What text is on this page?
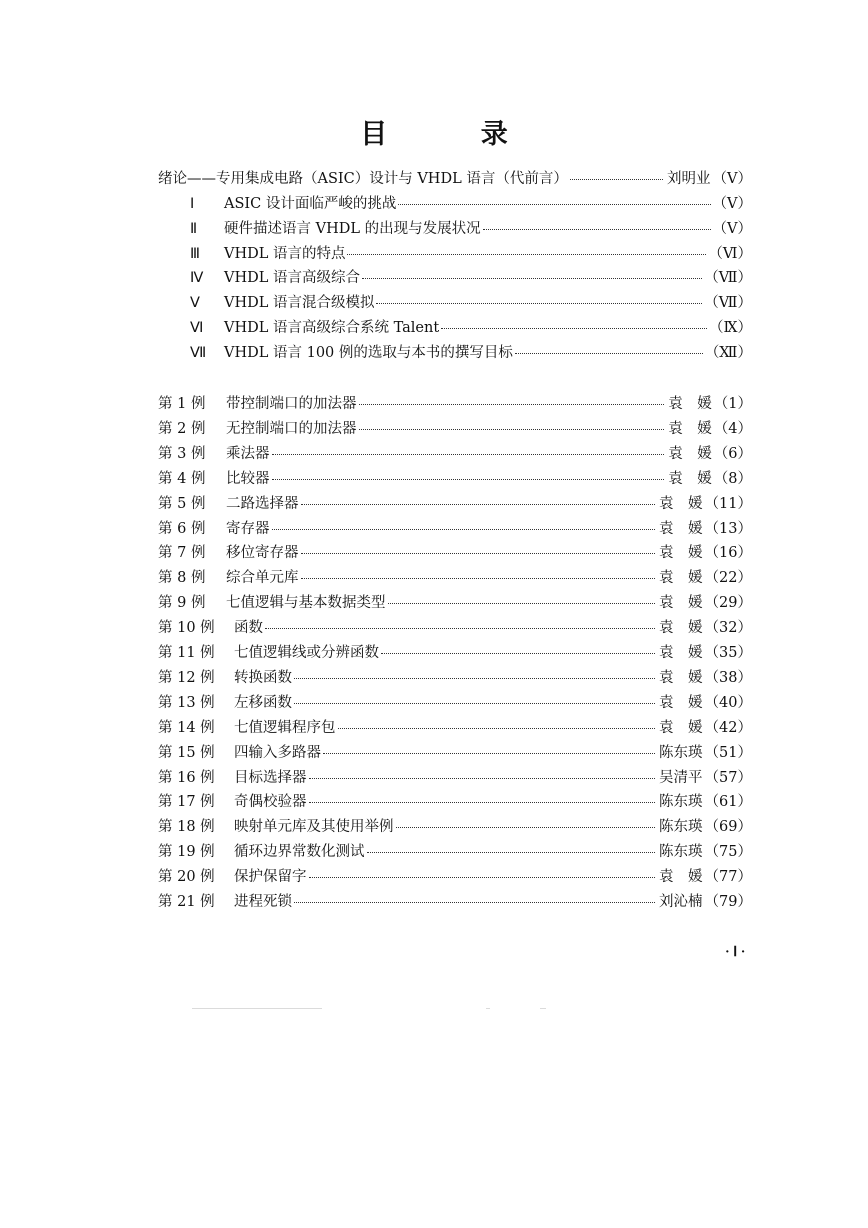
目 录
绪论——专用集成电路（ASIC）设计与 VHDL 语言（代前言）	刘明业 （Ⅴ）
Ⅰ	ASIC 设计面临严峻的挑战	（Ⅴ）
Ⅱ	硬件描述语言 VHDL 的出现与发展状况	（Ⅴ）
Ⅲ	VHDL 语言的特点	（Ⅵ）
Ⅳ	VHDL 语言高级综合	（Ⅶ）
Ⅴ	VHDL 语言混合级模拟	（Ⅶ）
Ⅵ	VHDL 语言高级综合系统 Talent	（Ⅸ）
Ⅶ	VHDL 语言 100 例的选取与本书的撰写目标	（Ⅻ）
第 1 例	带控制端口的加法器	袁　媛 （1）
第 2 例	无控制端口的加法器	袁　媛 （4）
第 3 例	乘法器	袁　媛 （6）
第 4 例	比较器	袁　媛 （8）
第 5 例	二路选择器	袁　媛 （11）
第 6 例	寄存器	袁　媛 （13）
第 7 例	移位寄存器	袁　媛 （16）
第 8 例	综合单元库	袁　媛 （22）
第 9 例	七值逻辑与基本数据类型	袁　媛 （29）
第 10 例	函数	袁　媛 （32）
第 11 例	七值逻辑线或分辨函数	袁　媛 （35）
第 12 例	转换函数	袁　媛 （38）
第 13 例	左移函数	袁　媛 （40）
第 14 例	七值逻辑程序包	袁　媛 （42）
第 15 例	四输入多路器	陈东瑛 （51）
第 16 例	目标选择器	吴清平 （57）
第 17 例	奇偶校验器	陈东瑛 （61）
第 18 例	映射单元库及其使用举例	陈东瑛 （69）
第 19 例	循环边界常数化测试	陈东瑛 （75）
第 20 例	保护保留字	袁　媛 （77）
第 21 例	进程死锁	刘沁楠 （79）
· Ⅰ ·
